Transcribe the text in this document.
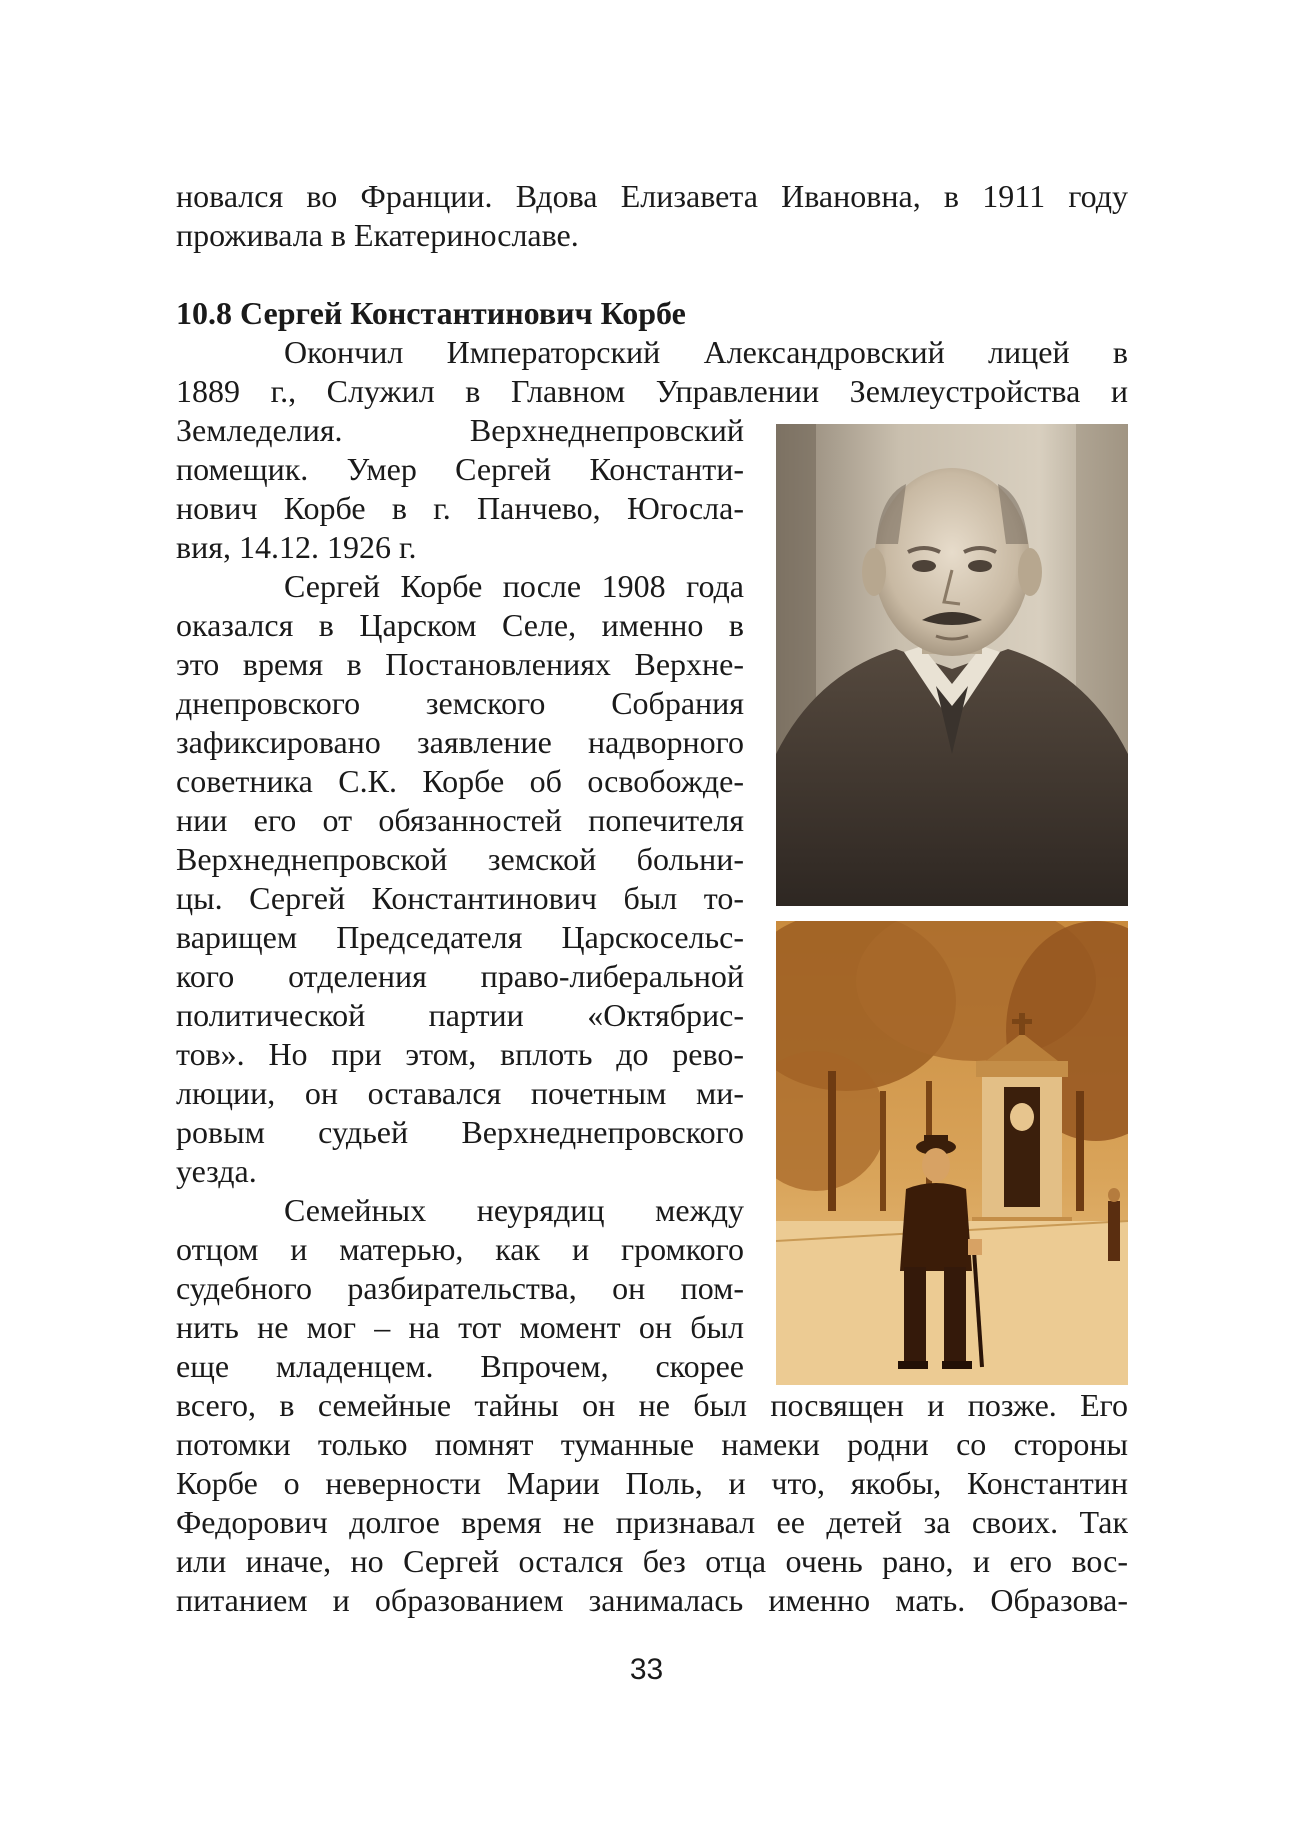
новался во Франции. Вдова Елизавета Ивановна, в 1911 году
проживала в Екатеринославе.
10.8 Сергей Константинович Корбе
Окончил Императорский Александровский лицей в
1889 г., Служил в Главном Управлении Землеустройства и
Земледелия. Верхнеднепровский
помещик. Умер Сергей Константи-
нович Корбе в г. Панчево, Югосла-
вия, 14.12. 1926 г.
Сергей Корбе после 1908 года
оказался в Царском Селе, именно в
это время в Постановлениях Верхне-
днепровского земского Собрания
зафиксировано заявление надворного
советника С.К. Корбе об освобожде-
нии его от обязанностей попечителя
Верхнеднепровской земской больни-
цы. Сергей Константинович был то-
варищем Председателя Царскосельс-
кого отделения право-либеральной
политической партии «Октябрис-
тов». Но при этом, вплоть до рево-
люции, он оставался почетным ми-
ровым судьей Верхнеднепровского
уезда.
Семейных неурядиц между
отцом и матерью, как и громкого
судебного разбирательства, он пом-
нить не мог – на тот момент он был
еще младенцем. Впрочем, скорее
всего, в семейные тайны он не был посвящен и позже. Его
потомки только помнят туманные намеки родни со стороны
Корбе о неверности Марии Поль, и что, якобы, Константин
Федорович долгое время не признавал ее детей за своих. Так
или иначе, но Сергей остался без отца очень рано, и его вос-
питанием и образованием занималась именно мать. Образова-
33
